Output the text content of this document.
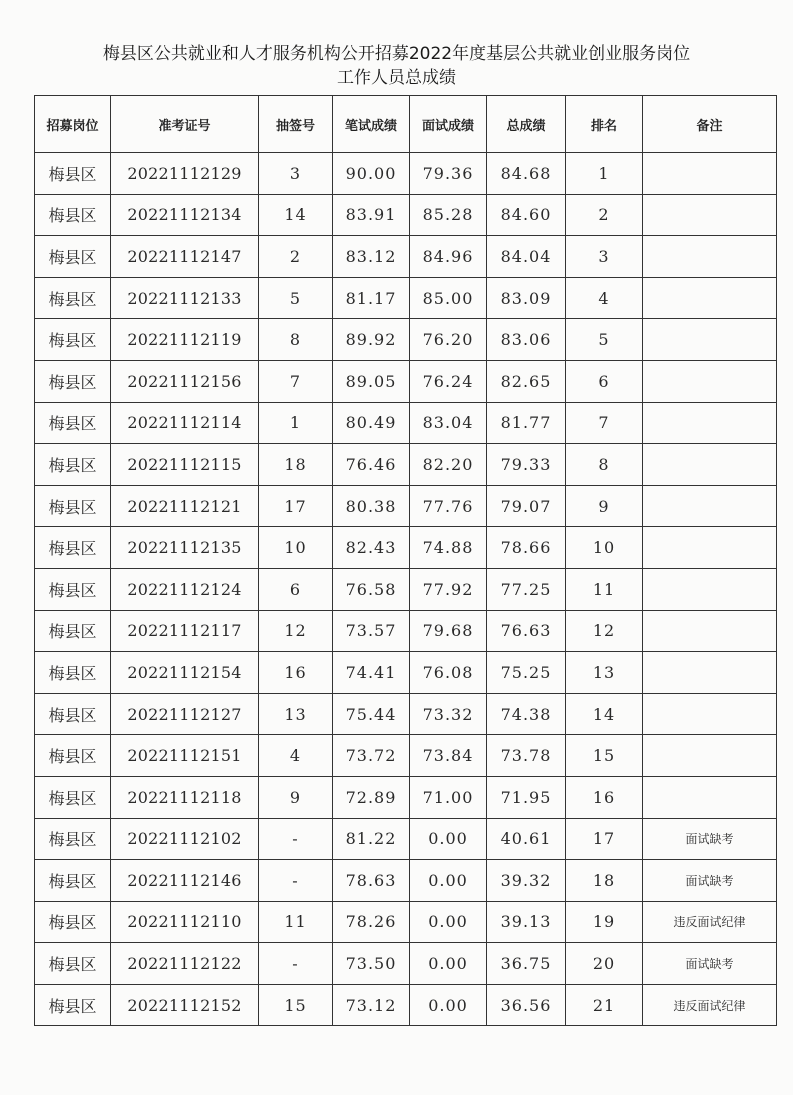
梅县区公共就业和人才服务机构公开招募2022年度基层公共就业创业服务岗位
工作人员总成绩
招募岗位	准考证号	抽签号	笔试成绩	面试成绩	总成绩	排名	备注
梅县区	20221112129	3	90.00	79.36	84.68	1	
梅县区	20221112134	14	83.91	85.28	84.60	2	
梅县区	20221112147	2	83.12	84.96	84.04	3	
梅县区	20221112133	5	81.17	85.00	83.09	4	
梅县区	20221112119	8	89.92	76.20	83.06	5	
梅县区	20221112156	7	89.05	76.24	82.65	6	
梅县区	20221112114	1	80.49	83.04	81.77	7	
梅县区	20221112115	18	76.46	82.20	79.33	8	
梅县区	20221112121	17	80.38	77.76	79.07	9	
梅县区	20221112135	10	82.43	74.88	78.66	10	
梅县区	20221112124	6	76.58	77.92	77.25	11	
梅县区	20221112117	12	73.57	79.68	76.63	12	
梅县区	20221112154	16	74.41	76.08	75.25	13	
梅县区	20221112127	13	75.44	73.32	74.38	14	
梅县区	20221112151	4	73.72	73.84	73.78	15	
梅县区	20221112118	9	72.89	71.00	71.95	16	
梅县区	20221112102	-	81.22	0.00	40.61	17	面试缺考
梅县区	20221112146	-	78.63	0.00	39.32	18	面试缺考
梅县区	20221112110	11	78.26	0.00	39.13	19	违反面试纪律
梅县区	20221112122	-	73.50	0.00	36.75	20	面试缺考
梅县区	20221112152	15	73.12	0.00	36.56	21	违反面试纪律
